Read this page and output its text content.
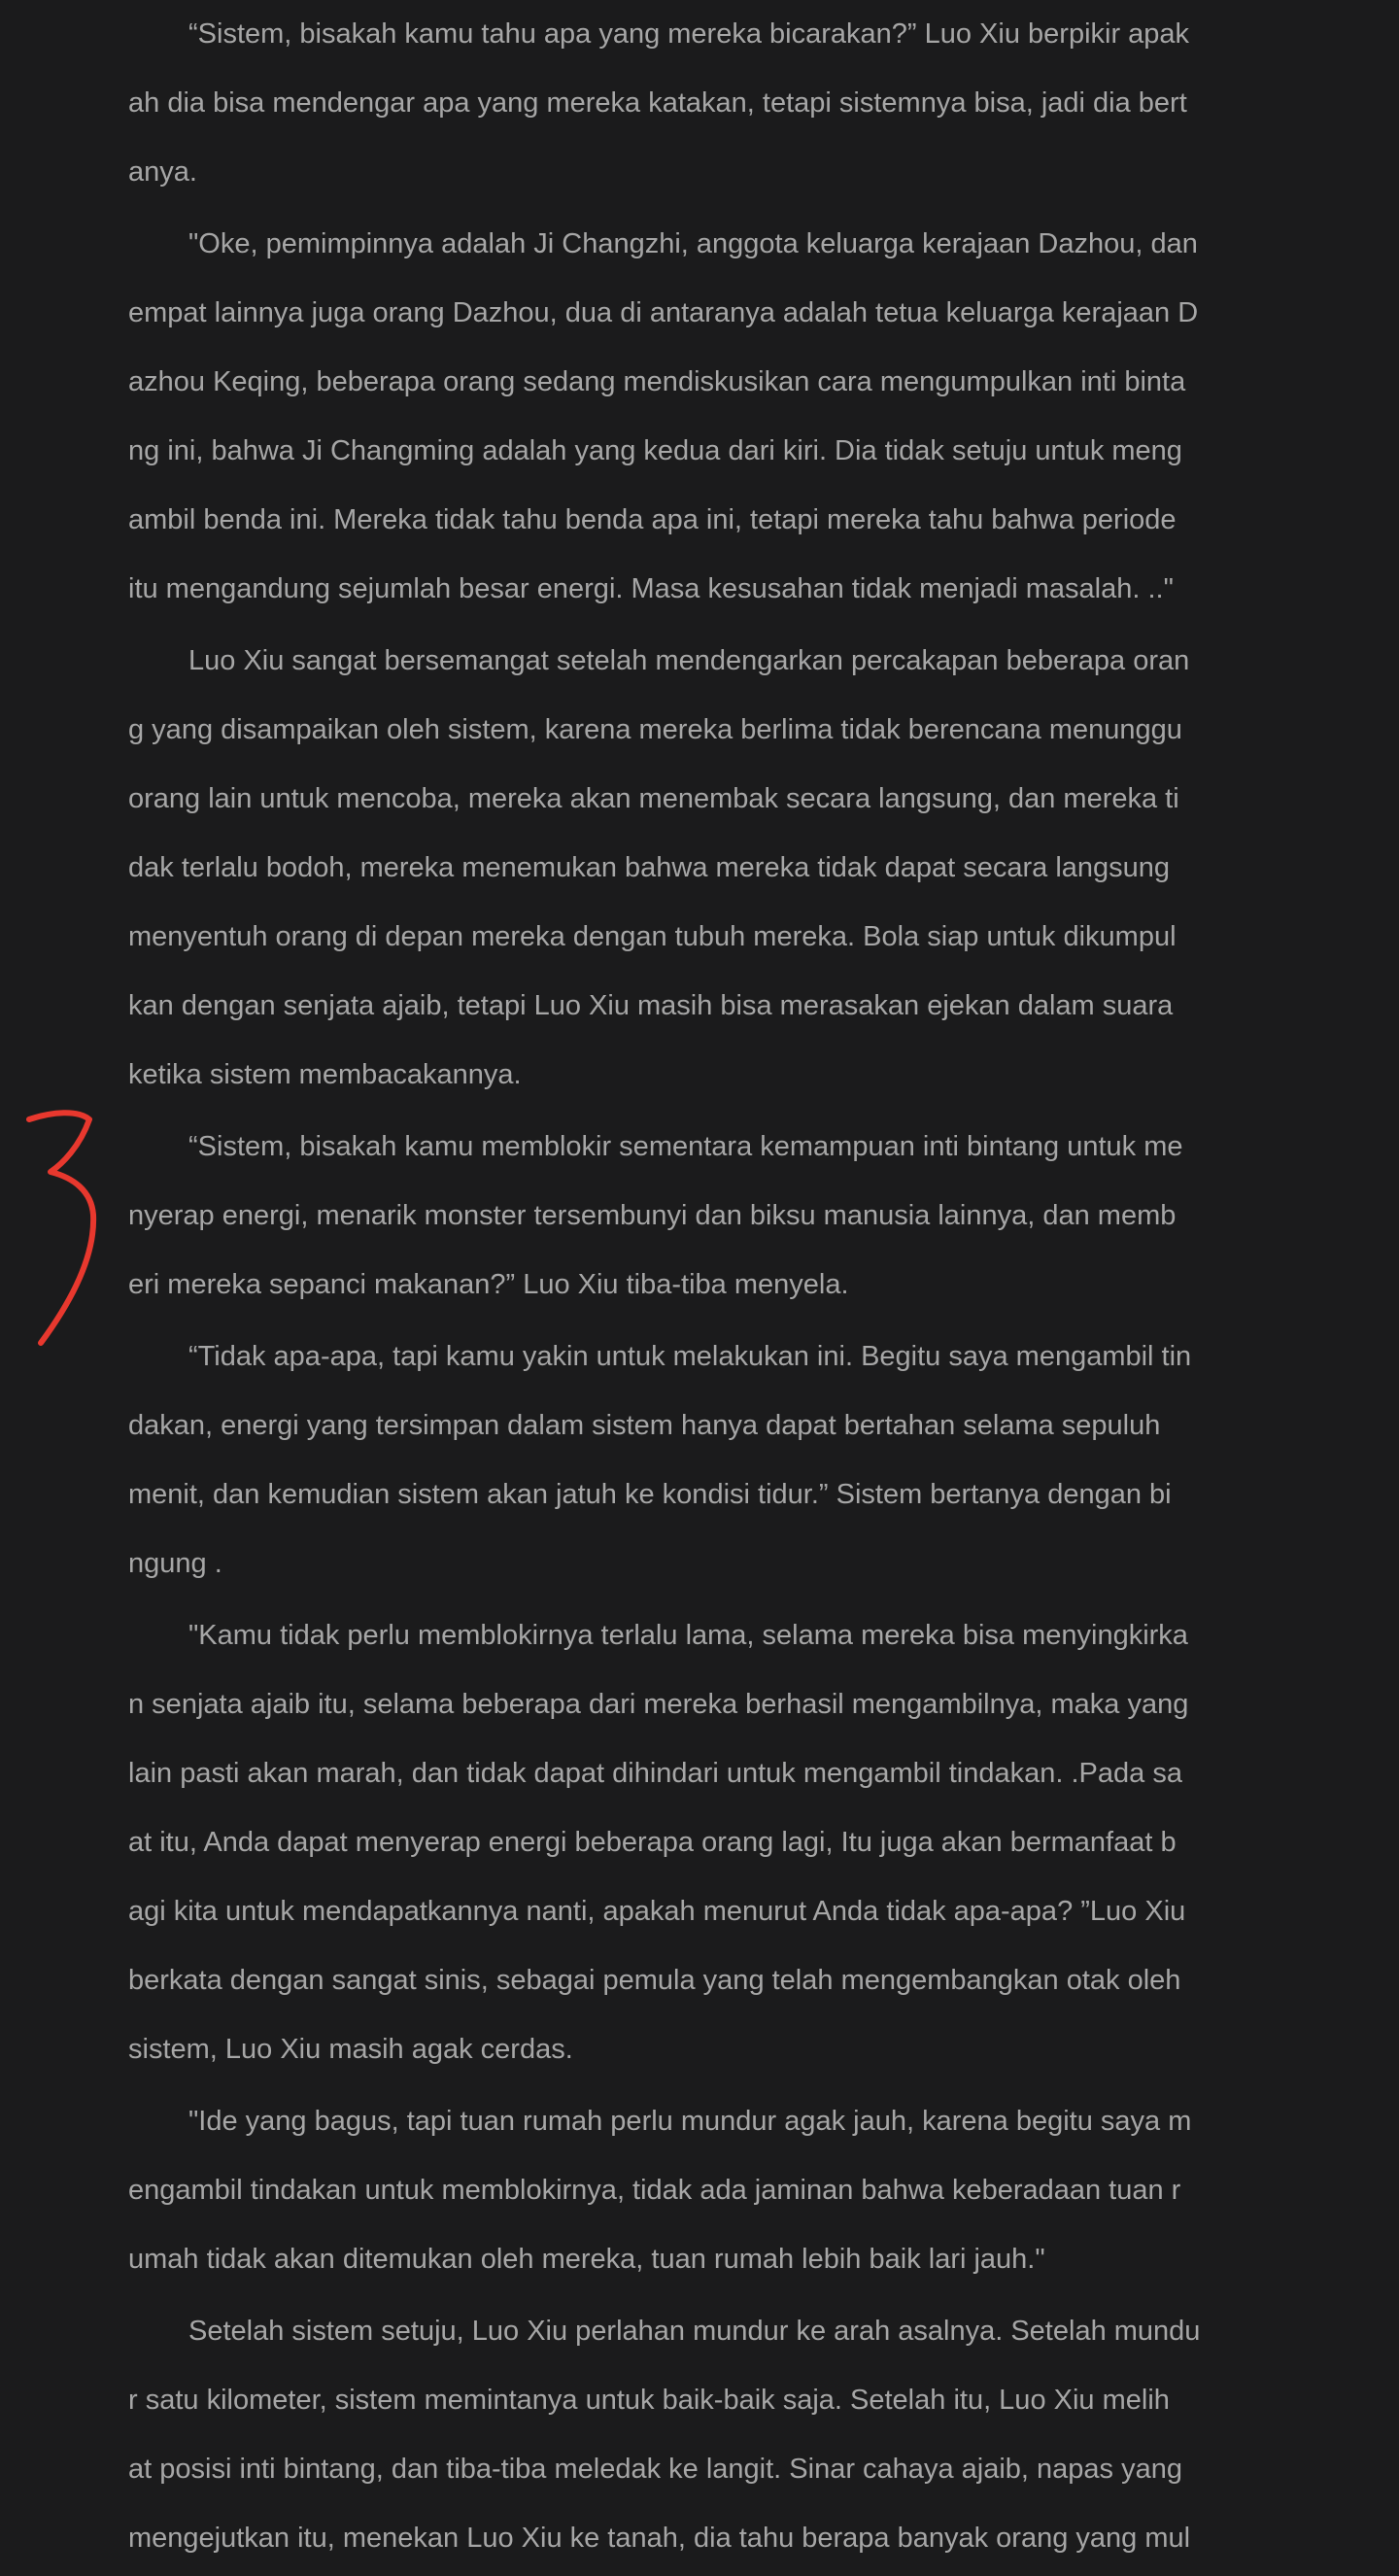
“Sistem, bisakah kamu tahu apa yang mereka bicarakan?” Luo Xiu berpikir apak
ah dia bisa mendengar apa yang mereka katakan, tetapi sistemnya bisa, jadi dia bert
anya.

"Oke, pemimpinnya adalah Ji Changzhi, anggota keluarga kerajaan Dazhou, dan
empat lainnya juga orang Dazhou, dua di antaranya adalah tetua keluarga kerajaan D
azhou Keqing, beberapa orang sedang mendiskusikan cara mengumpulkan inti binta
ng ini, bahwa Ji Changming adalah yang kedua dari kiri. Dia tidak setuju untuk meng
ambil benda ini. Mereka tidak tahu benda apa ini, tetapi mereka tahu bahwa periode
itu mengandung sejumlah besar energi. Masa kesusahan tidak menjadi masalah. .."

Luo Xiu sangat bersemangat setelah mendengarkan percakapan beberapa oran
g yang disampaikan oleh sistem, karena mereka berlima tidak berencana menunggu
orang lain untuk mencoba, mereka akan menembak secara langsung, dan mereka ti
dak terlalu bodoh, mereka menemukan bahwa mereka tidak dapat secara langsung
menyentuh orang di depan mereka dengan tubuh mereka. Bola siap untuk dikumpul
kan dengan senjata ajaib, tetapi Luo Xiu masih bisa merasakan ejekan dalam suara
ketika sistem membacakannya.

“Sistem, bisakah kamu memblokir sementara kemampuan inti bintang untuk me
nyerap energi, menarik monster tersembunyi dan biksu manusia lainnya, dan memb
eri mereka sepanci makanan?” Luo Xiu tiba-tiba menyela.

“Tidak apa-apa, tapi kamu yakin untuk melakukan ini. Begitu saya mengambil tin
dakan, energi yang tersimpan dalam sistem hanya dapat bertahan selama sepuluh
menit, dan kemudian sistem akan jatuh ke kondisi tidur.” Sistem bertanya dengan bi
ngung .

"Kamu tidak perlu memblokirnya terlalu lama, selama mereka bisa menyingkirka
n senjata ajaib itu, selama beberapa dari mereka berhasil mengambilnya, maka yang
lain pasti akan marah, dan tidak dapat dihindari untuk mengambil tindakan. .Pada sa
at itu, Anda dapat menyerap energi beberapa orang lagi, Itu juga akan bermanfaat b
agi kita untuk mendapatkannya nanti, apakah menurut Anda tidak apa-apa? ”Luo Xiu
berkata dengan sangat sinis, sebagai pemula yang telah mengembangkan otak oleh
sistem, Luo Xiu masih agak cerdas.

"Ide yang bagus, tapi tuan rumah perlu mundur agak jauh, karena begitu saya m
engambil tindakan untuk memblokirnya, tidak ada jaminan bahwa keberadaan tuan r
umah tidak akan ditemukan oleh mereka, tuan rumah lebih baik lari jauh."

Setelah sistem setuju, Luo Xiu perlahan mundur ke arah asalnya. Setelah mundu
r satu kilometer, sistem memintanya untuk baik-baik saja. Setelah itu, Luo Xiu melih
at posisi inti bintang, dan tiba-tiba meledak ke langit. Sinar cahaya ajaib, napas yang
mengejutkan itu, menekan Luo Xiu ke tanah, dia tahu berapa banyak orang yang mul
